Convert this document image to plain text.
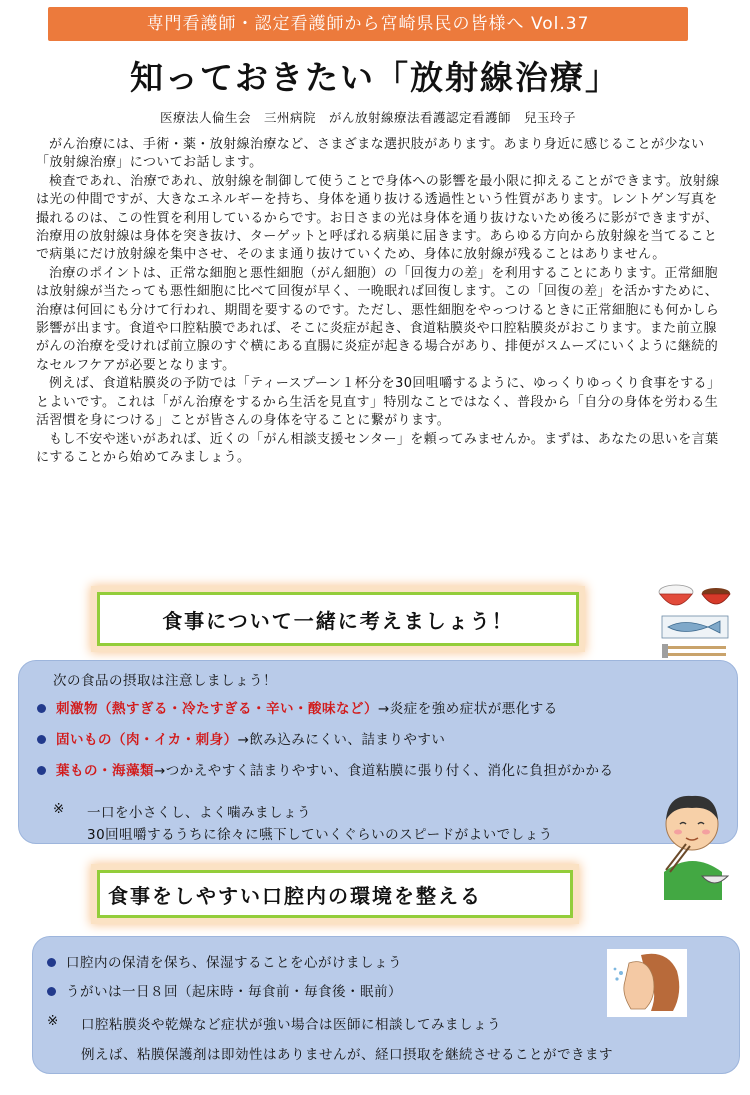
専門看護師・認定看護師から宮崎県民の皆様へ Vol.37
知っておきたい「放射線治療」
医療法人倫生会　三州病院　がん放射線療法看護認定看護師　兒玉玲子

がん治療には、手術・薬・放射線治療など、さまざまな選択肢があります。あまり身近に感じることが少ない「放射線治療」についてお話します。

検査であれ、治療であれ、放射線を制御して使うことで身体への影響を最小限に抑えることができます。放射線は光の仲間ですが、大きなエネルギーを持ち、身体を通り抜ける透過性という性質があります。レントゲン写真を撮れるのは、この性質を利用しているからです。お日さまの光は身体を通り抜けないため後ろに影ができますが、治療用の放射線は身体を突き抜け、ターゲットと呼ばれる病巣に届きます。あらゆる方向から放射線を当てることで病巣にだけ放射線を集中させ、そのまま通り抜けていくため、身体に放射線が残ることはありません。

治療のポイントは、正常な細胞と悪性細胞（がん細胞）の「回復力の差」を利用することにあります。正常細胞は放射線が当たっても悪性細胞に比べて回復が早く、一晩眠れば回復します。この「回復の差」を活かすために、治療は何回にも分けて行われ、期間を要するのです。ただし、悪性細胞をやっつけるときに正常細胞にも何かしら影響が出ます。食道や口腔粘膜であれば、そこに炎症が起き、食道粘膜炎や口腔粘膜炎がおこります。また前立腺がんの治療を受ければ前立腺のすぐ横にある直腸に炎症が起きる場合があり、排便がスムーズにいくように継続的なセルフケアが必要となります。

例えば、食道粘膜炎の予防では「ティースプーン１杯分を30回咀嚼するように、ゆっくりゆっくり食事をする」とよいです。これは「がん治療をするから生活を見直す」特別なことではなく、普段から「自分の身体を労わる生活習慣を身につける」ことが皆さんの身体を守ることに繋がります。

もし不安や迷いがあれば、近くの「がん相談支援センター」を頼ってみませんか。まずは、あなたの思いを言葉にすることから始めてみましょう。

食事について一緒に考えましょう！
次の食品の摂取は注意しましょう！
刺激物（熱すぎる・冷たすぎる・辛い・酸味など）→炎症を強め症状が悪化する
固いもの（肉・イカ・刺身）→飲み込みにくい、詰まりやすい
葉もの・海藻類→つかえやすく詰まりやすい、食道粘膜に張り付く、消化に負担がかかる
※ 一口を小さくし、よく噛みましょう
30回咀嚼するうちに徐々に嚥下していくぐらいのスピードがよいでしょう
食事をしやすい口腔内の環境を整える
口腔内の保清を保ち、保湿することを心がけましょう
うがいは一日８回（起床時・毎食前・毎食後・眠前）
※ 口腔粘膜炎や乾燥など症状が強い場合は医師に相談してみましょう
例えば、粘膜保護剤は即効性はありませんが、経口摂取を継続させることができます
